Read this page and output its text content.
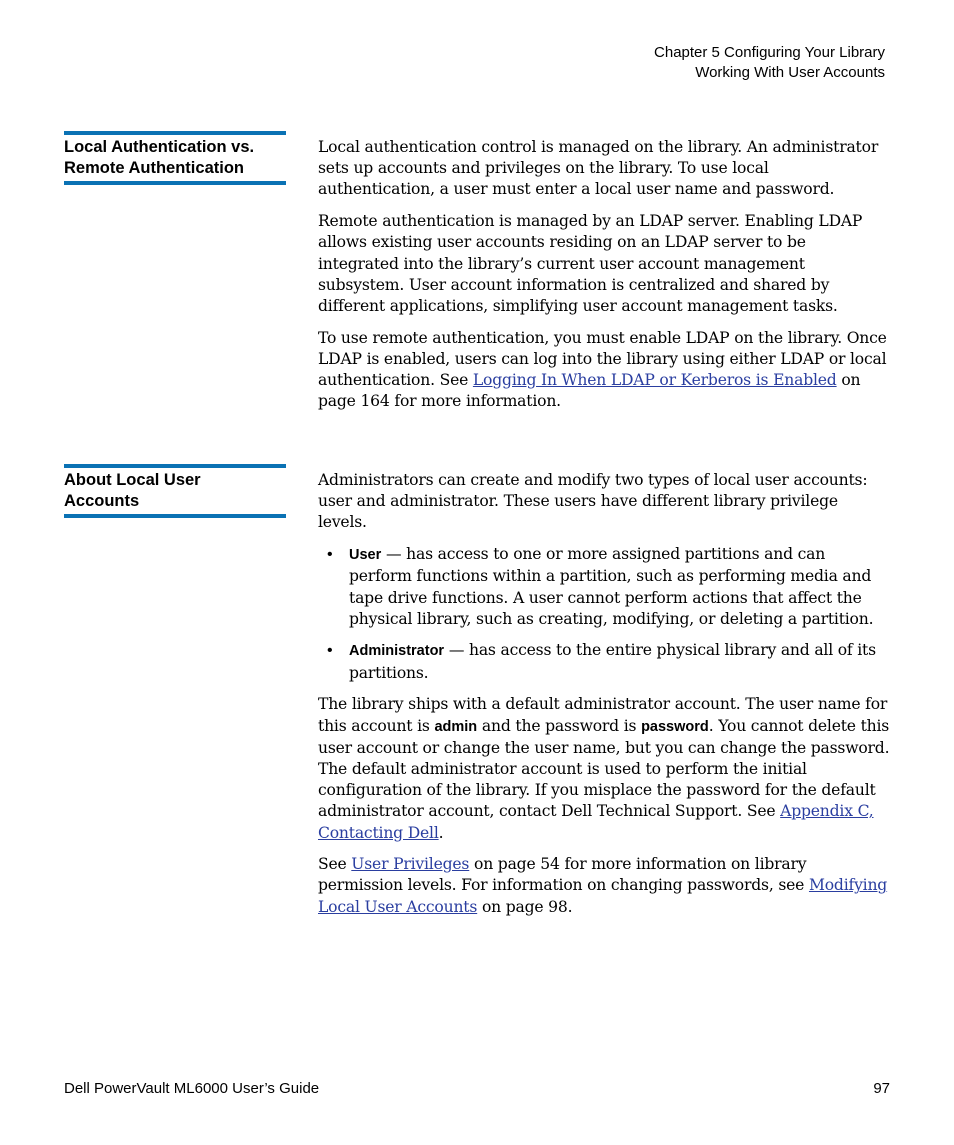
Chapter 5 Configuring Your Library
Working With User Accounts
Local Authentication vs.
Remote Authentication

Local authentication control is managed on the library. An administrator sets up accounts and privileges on the library. To use local authentication, a user must enter a local user name and password.

Remote authentication is managed by an LDAP server. Enabling LDAP allows existing user accounts residing on an LDAP server to be integrated into the library’s current user account management subsystem. User account information is centralized and shared by different applications, simplifying user account management tasks.

To use remote authentication, you must enable LDAP on the library. Once LDAP is enabled, users can log into the library using either LDAP or local authentication. See Logging In When LDAP or Kerberos is Enabled on page 164 for more information.

About Local User
Accounts

Administrators can create and modify two types of local user accounts: user and administrator. These users have different library privilege levels.

• User — has access to one or more assigned partitions and can perform functions within a partition, such as performing media and tape drive functions. A user cannot perform actions that affect the physical library, such as creating, modifying, or deleting a partition.
• Administrator — has access to the entire physical library and all of its partitions.

The library ships with a default administrator account. The user name for this account is admin and the password is password. You cannot delete this user account or change the user name, but you can change the password. The default administrator account is used to perform the initial configuration of the library. If you misplace the password for the default administrator account, contact Dell Technical Support. See Appendix C, Contacting Dell.

See User Privileges on page 54 for more information on library permission levels. For information on changing passwords, see Modifying Local User Accounts on page 98.

Dell PowerVault ML6000 User’s Guide	97
